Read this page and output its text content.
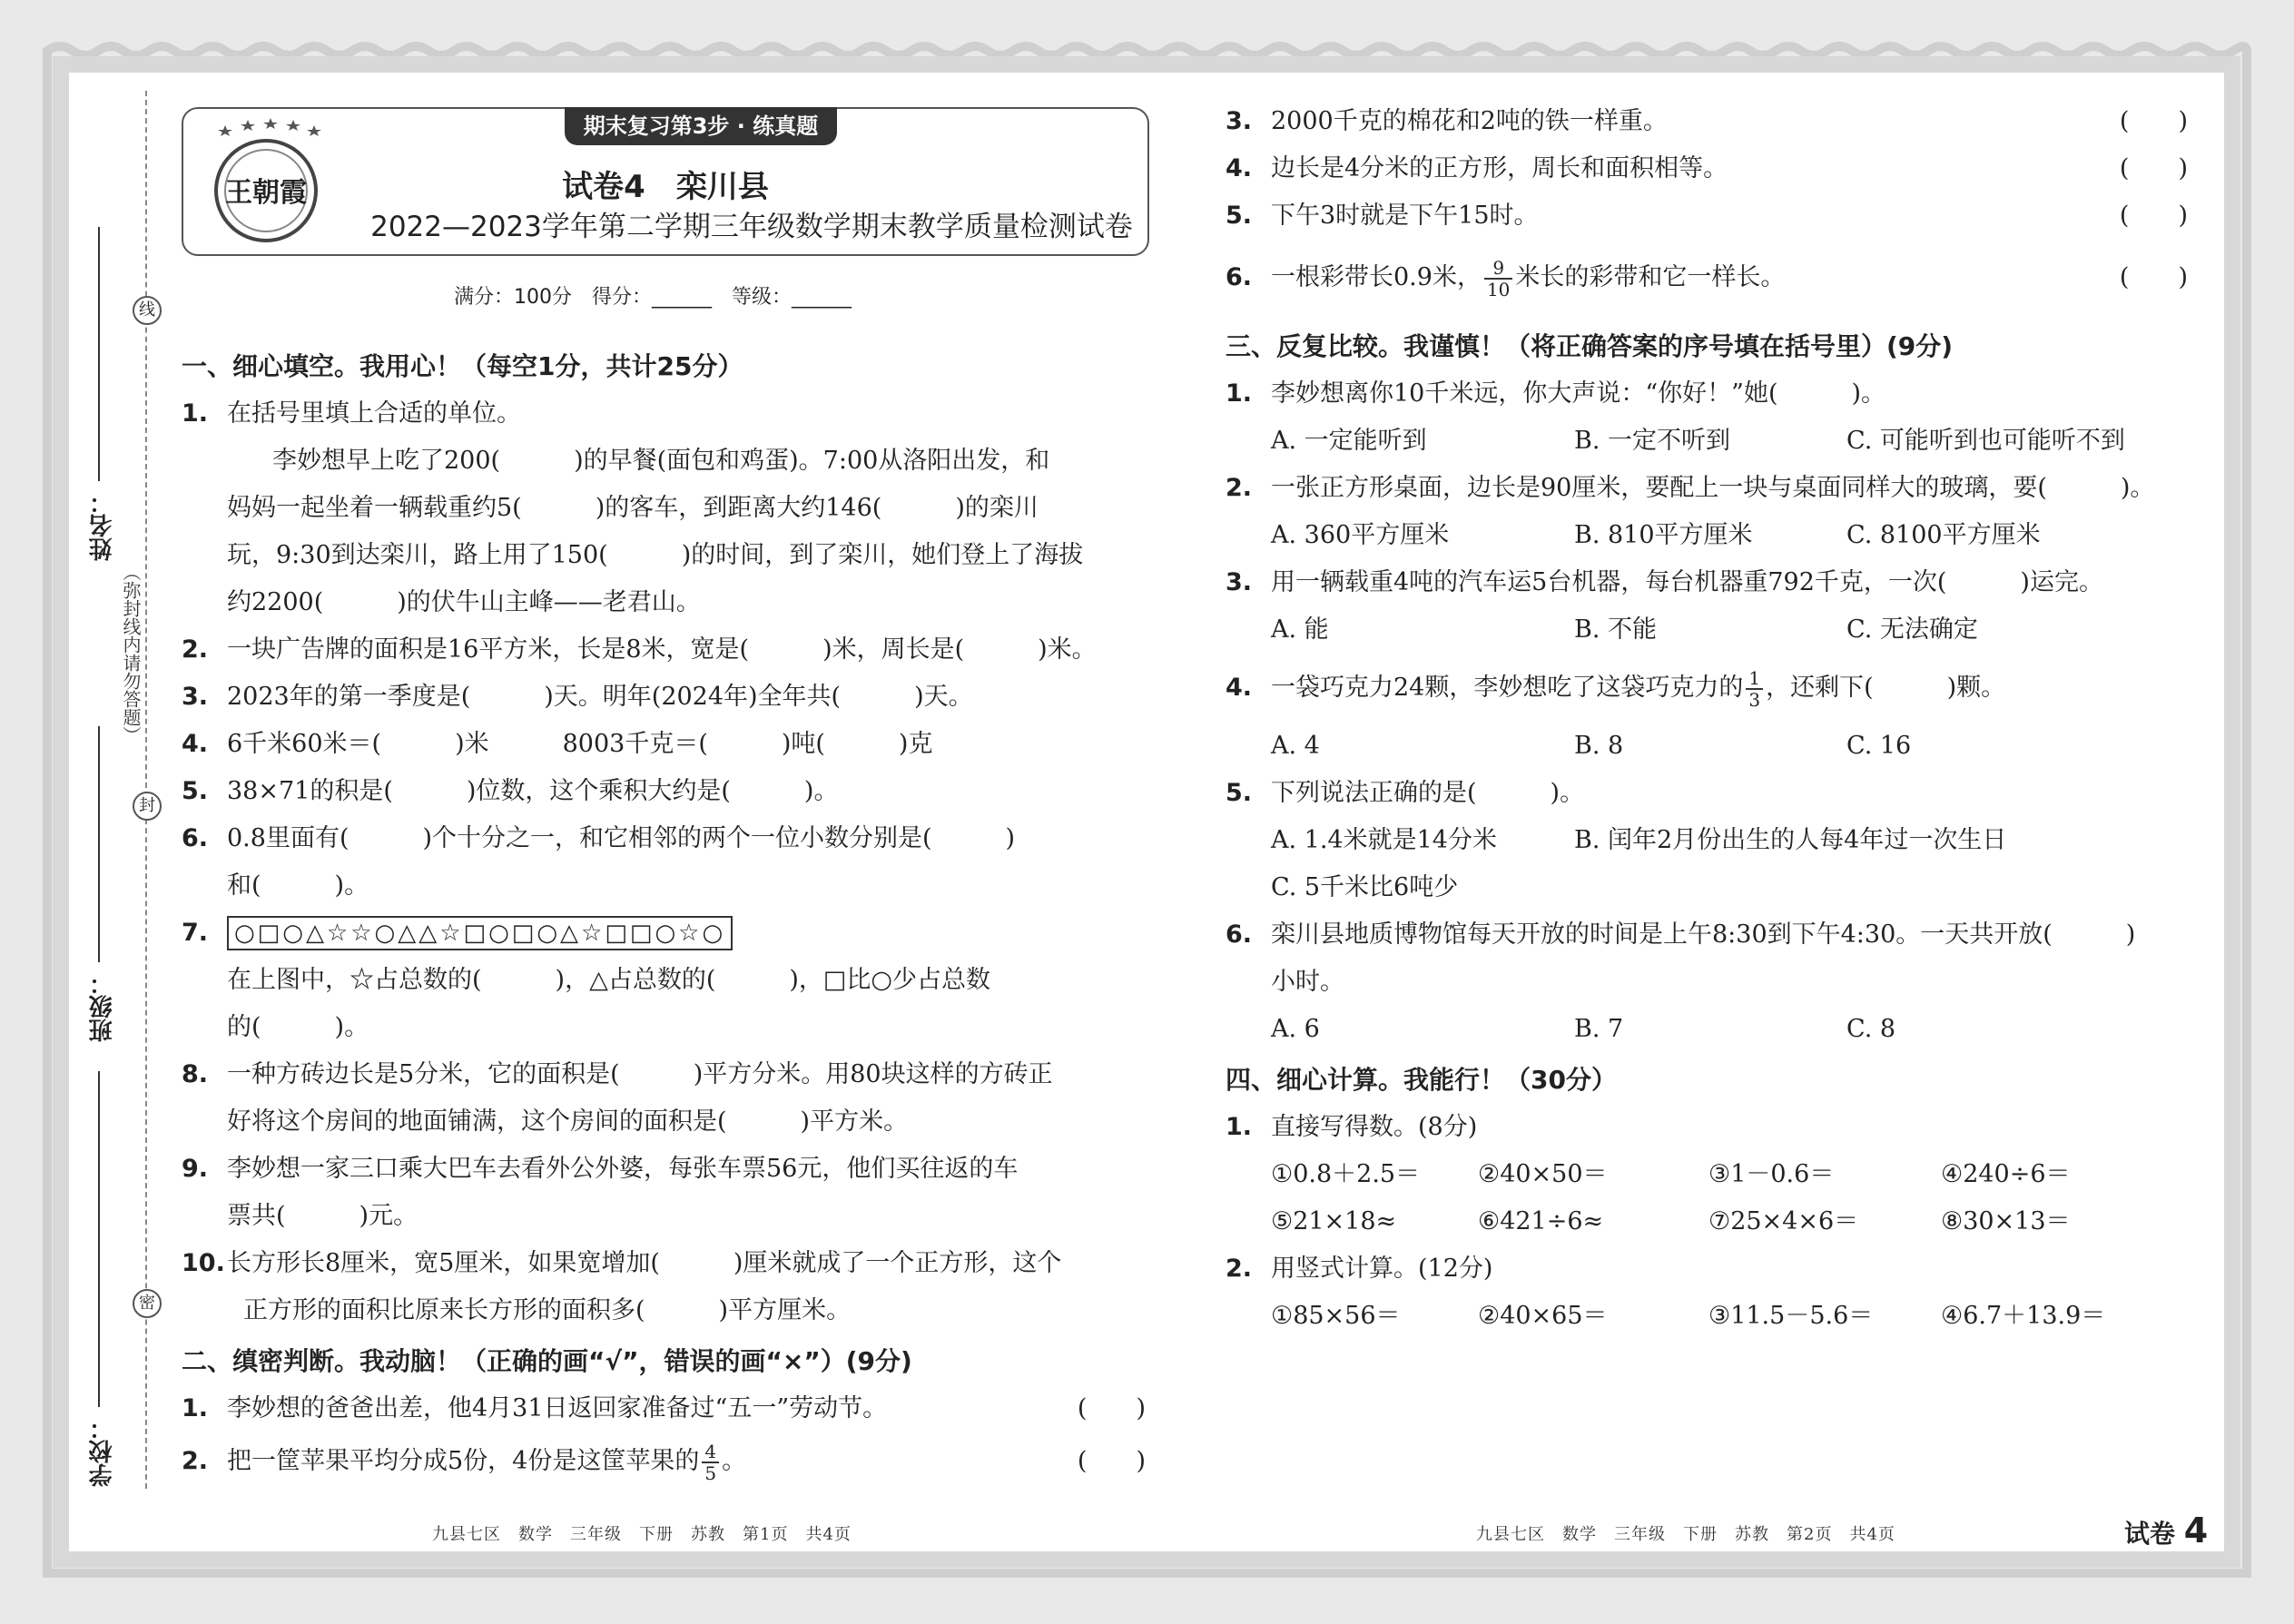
线
封
密
姓名：
班级：
学校：
（弥封线内请勿答题）
期末复习第3步 · 练真题
试卷4　栾川县
2022—2023学年第二学期三年级数学期末教学质量检测试卷
王朝霞
满分：100分　得分：______　等级：______
一、细心填空。我用心！（每空1分，共计25分）
1. 在括号里填上合适的单位。
李妙想早上吃了200(　　　)的早餐(面包和鸡蛋)。7:00从洛阳出发，和
妈妈一起坐着一辆载重约5(　　　)的客车，到距离大约146(　　　)的栾川
玩，9:30到达栾川，路上用了150(　　　)的时间，到了栾川，她们登上了海拔
约2200(　　　)的伏牛山主峰——老君山。
2. 一块广告牌的面积是16平方米，长是8米，宽是(　　　)米，周长是(　　　)米。
3. 2023年的第一季度是(　　　)天。明年(2024年)全年共(　　　)天。
4. 6千米60米＝(　　　)米　　　8003千克＝(　　　)吨(　　　)克
5. 38×71的积是(　　　)位数，这个乘积大约是(　　　)。
6. 0.8里面有(　　　)个十分之一，和它相邻的两个一位小数分别是(　　　)
和(　　　)。
7. ○□○△☆☆○△△☆□○□○△☆□□○☆○
在上图中，☆占总数的(　　　)，△占总数的(　　　)，□比○少占总数
的(　　　)。
8. 一种方砖边长是5分米，它的面积是(　　　)平方分米。用80块这样的方砖正
好将这个房间的地面铺满，这个房间的面积是(　　　)平方米。
9. 李妙想一家三口乘大巴车去看外公外婆，每张车票56元，他们买往返的车
票共(　　　)元。
10. 长方形长8厘米，宽5厘米，如果宽增加(　　　)厘米就成了一个正方形，这个
正方形的面积比原来长方形的面积多(　　　)平方厘米。
二、缜密判断。我动脑！（正确的画“√”，错误的画“×”）(9分)
1. 李妙想的爸爸出差，他4月31日返回家准备过“五一”劳动节。	(　　)
2. 把一筐苹果平均分成5份，4份是这筐苹果的 $\frac{4}{5}$ 。	(　　)
3. 2000千克的棉花和2吨的铁一样重。	(　　)
4. 边长是4分米的正方形，周长和面积相等。	(　　)
5. 下午3时就是下午15时。	(　　)
6. 一根彩带长0.9米， $\frac{9}{10}$ 米长的彩带和它一样长。	(　　)
三、反复比较。我谨慎！（将正确答案的序号填在括号里）(9分)
1. 李妙想离你10千米远，你大声说：“你好！”她(　　　)。
A. 一定能听到	B. 一定不听到	C. 可能听到也可能听不到
2. 一张正方形桌面，边长是90厘米，要配上一块与桌面同样大的玻璃，要(　　　)。
A. 360平方厘米	B. 810平方厘米	C. 8100平方厘米
3. 用一辆载重4吨的汽车运5台机器，每台机器重792千克，一次(　　　)运完。
A. 能	B. 不能	C. 无法确定
4. 一袋巧克力24颗，李妙想吃了这袋巧克力的 $\frac{1}{3}$ ，还剩下(　　　)颗。
A. 4	B. 8	C. 16
5. 下列说法正确的是(　　　)。
A. 1.4米就是14分米	B. 闰年2月份出生的人每4年过一次生日
C. 5千米比6吨少
6. 栾川县地质博物馆每天开放的时间是上午8:30到下午4:30。一天共开放(　　　)
小时。
A. 6	B. 7	C. 8
四、细心计算。我能行！（30分）
1. 直接写得数。(8分)
①0.8＋2.5＝	②40×50＝	③1－0.6＝	④240÷6＝
⑤21×18≈	⑥421÷6≈	⑦25×4×6＝	⑧30×13＝
2. 用竖式计算。(12分)
①85×56＝	②40×65＝	③11.5－5.6＝	④6.7＋13.9＝
九县七区　数学　三年级　下册　苏教　第1页　共4页	九县七区　数学　三年级　下册　苏教　第2页　共4页	试卷 4
